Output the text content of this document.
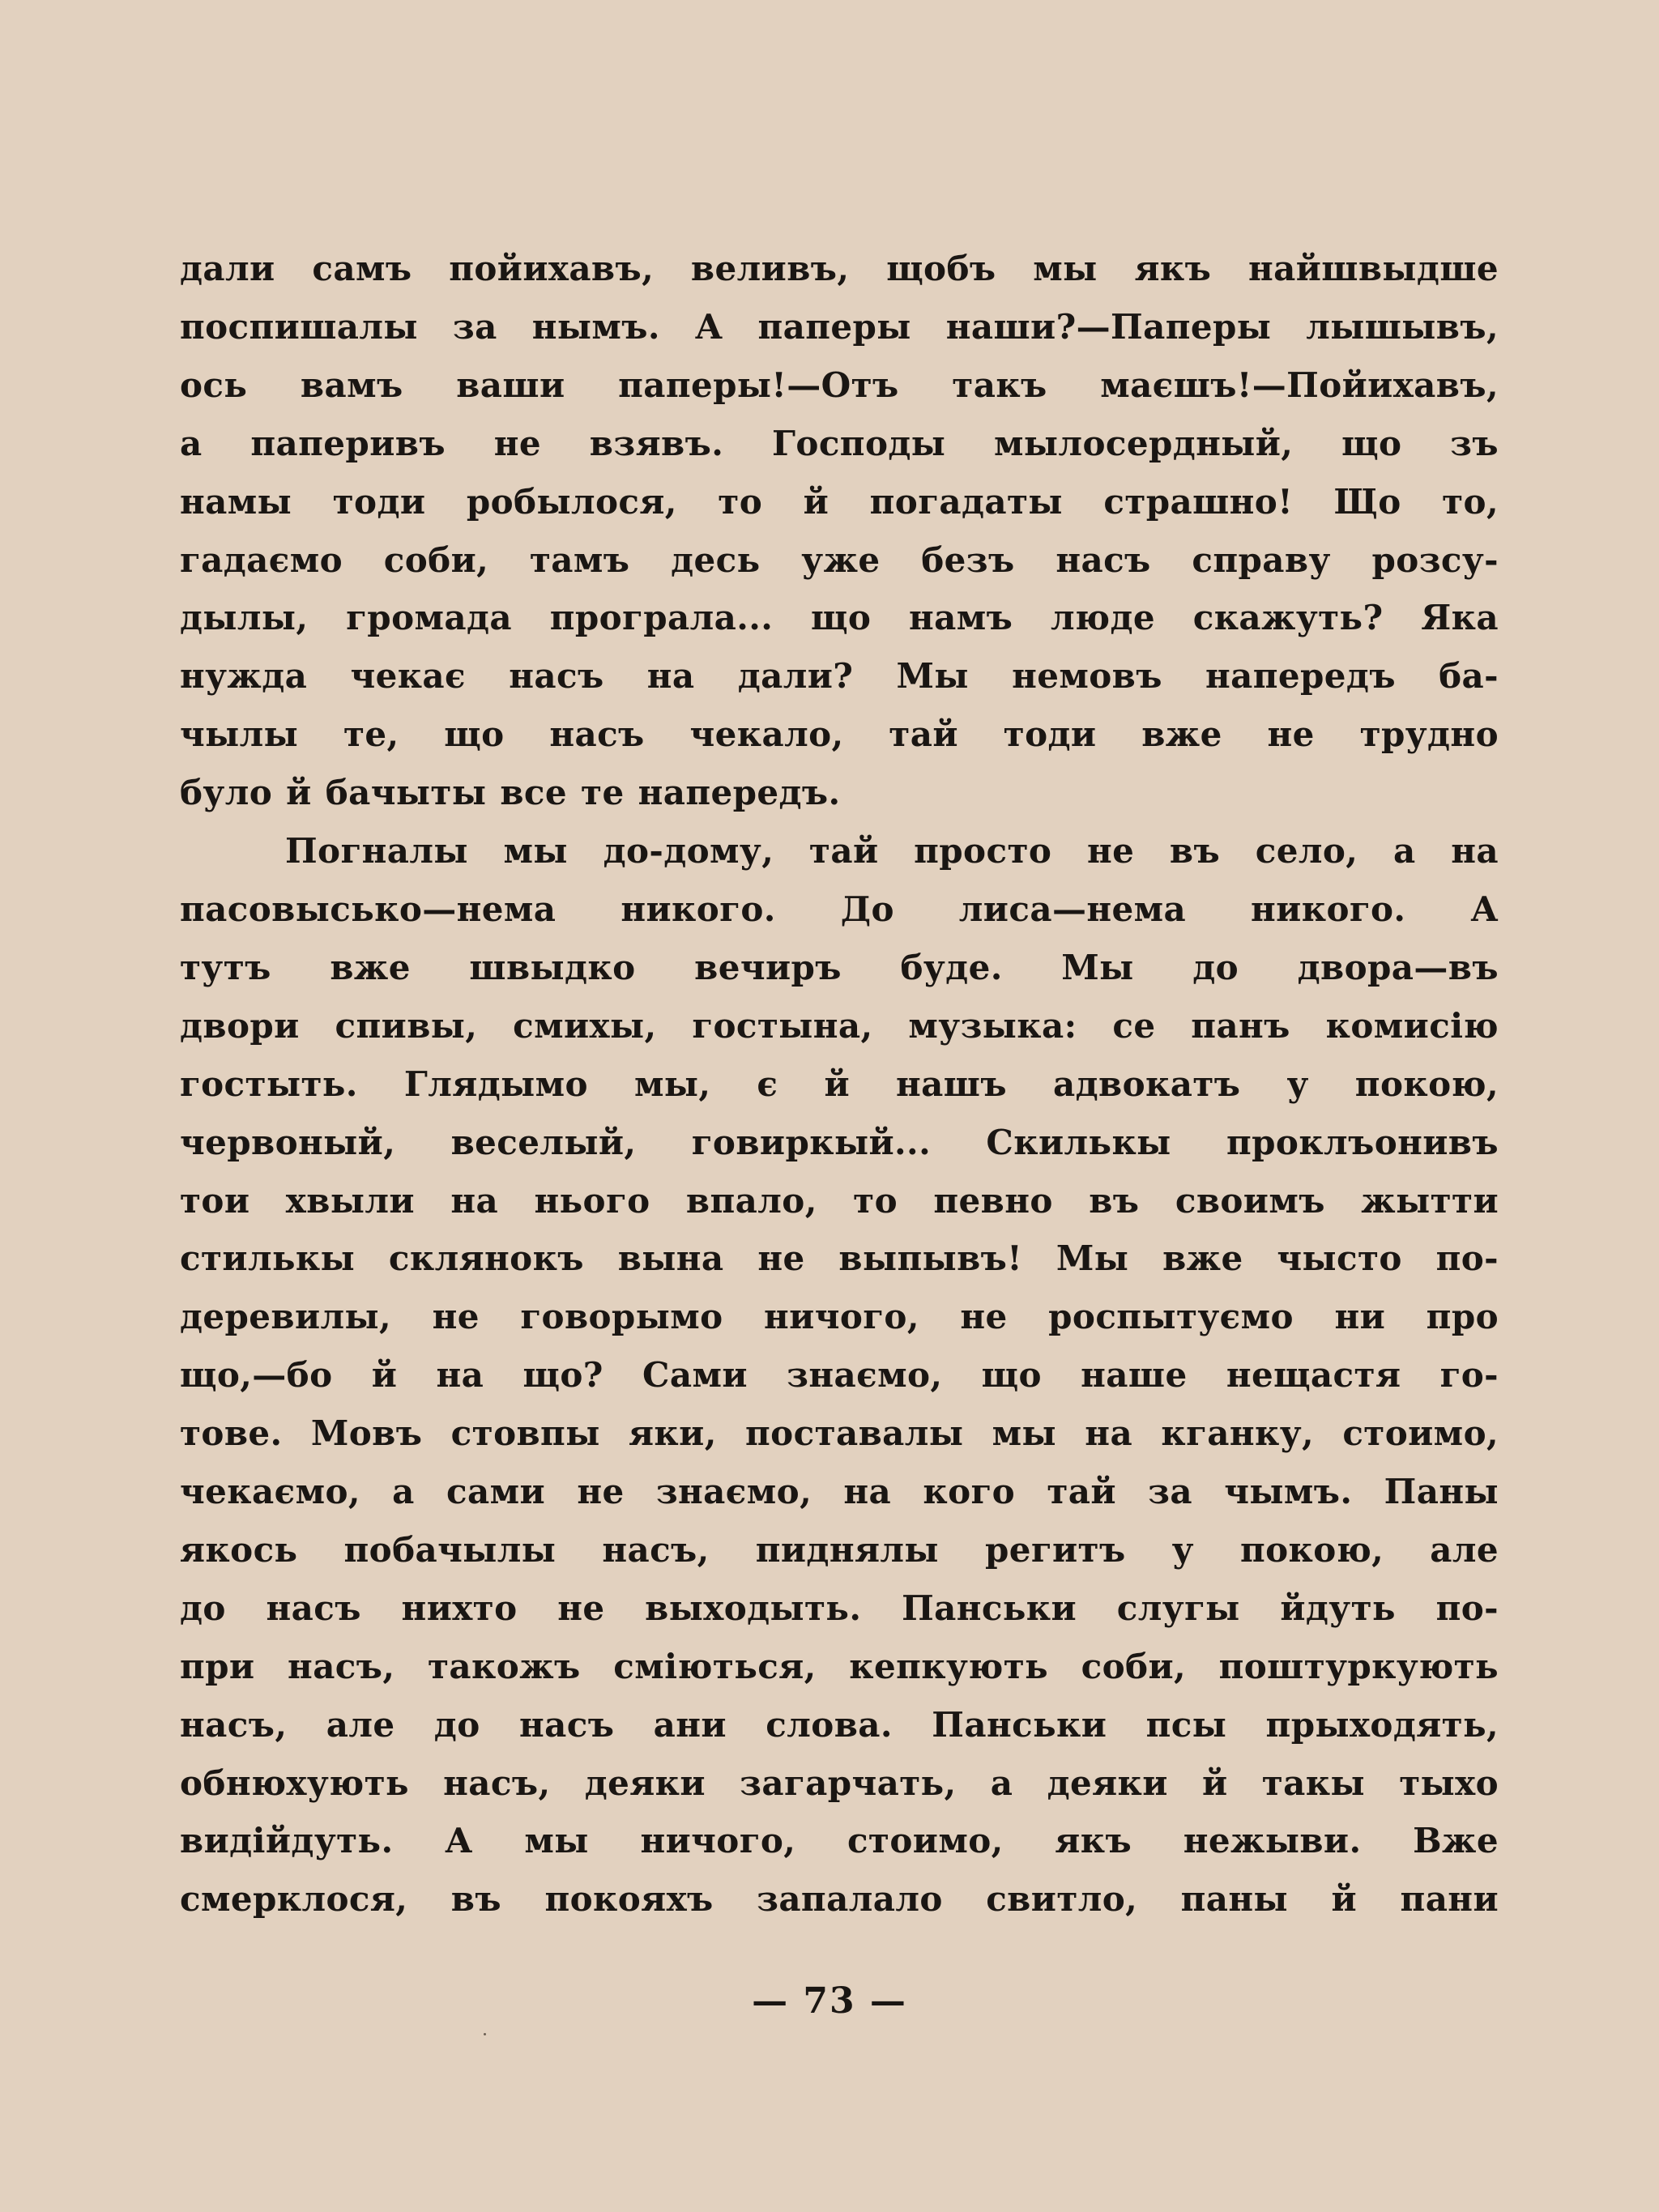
дали самъ пойихавъ, веливъ, щобъ мы якъ найшвыдше
поспишалы за нымъ. А паперы наши?—Паперы лышывъ,
ось вамъ ваши паперы!—Отъ такъ маєшъ!—Пойихавъ,
а паперивъ не взявъ. Господы мылосердный, що зъ
намы тоди робылося, то й погадаты страшно! Що то,
гадаємо соби, тамъ десь уже безъ насъ справу розсу-
дылы, громада програла... що намъ люде скажуть? Яка
нужда чекає насъ на дали? Мы немовъ напередъ ба-
чылы те, що насъ чекало, тай тоди вже не трудно
було й бачыты все те напередъ.
Погналы мы до-дому, тай просто не въ село, а на
пасовысько—нема никого. До лиса—нема никого. А
тутъ вже швыдко вечиръ буде. Мы до двора—въ
двори спивы, смихы, гостына, музыка: се панъ комисію
гостыть. Глядымо мы, є й нашъ адвокатъ у покою,
червоный, веселый, говиркый... Скилькы проклъонивъ
тои хвыли на нього впало, то певно въ своимъ жытти
стилькы склянокъ вына не выпывъ! Мы вже чысто по-
деревилы, не говорымо ничого, не роспытуємо ни про
що,—бо й на що? Сами знаємо, що наше нещастя го-
тове. Мовъ стовпы яки, поставалы мы на кганку, стоимо,
чекаємо, а сами не знаємо, на кого тай за чымъ. Паны
якось побачылы насъ, пиднялы регитъ у покою, але
до насъ нихто не выходыть. Панськи слугы йдуть по-
при насъ, такожъ сміються, кепкують соби, поштуркують
насъ, але до насъ ани слова. Панськи псы прыходять,
обнюхують насъ, деяки загарчать, а деяки й такы тыхо
видійдуть. А мы ничого, стоимо, якъ нежыви. Вже
смерклося, въ покояхъ запалало свитло, паны й пани
— 73 —
